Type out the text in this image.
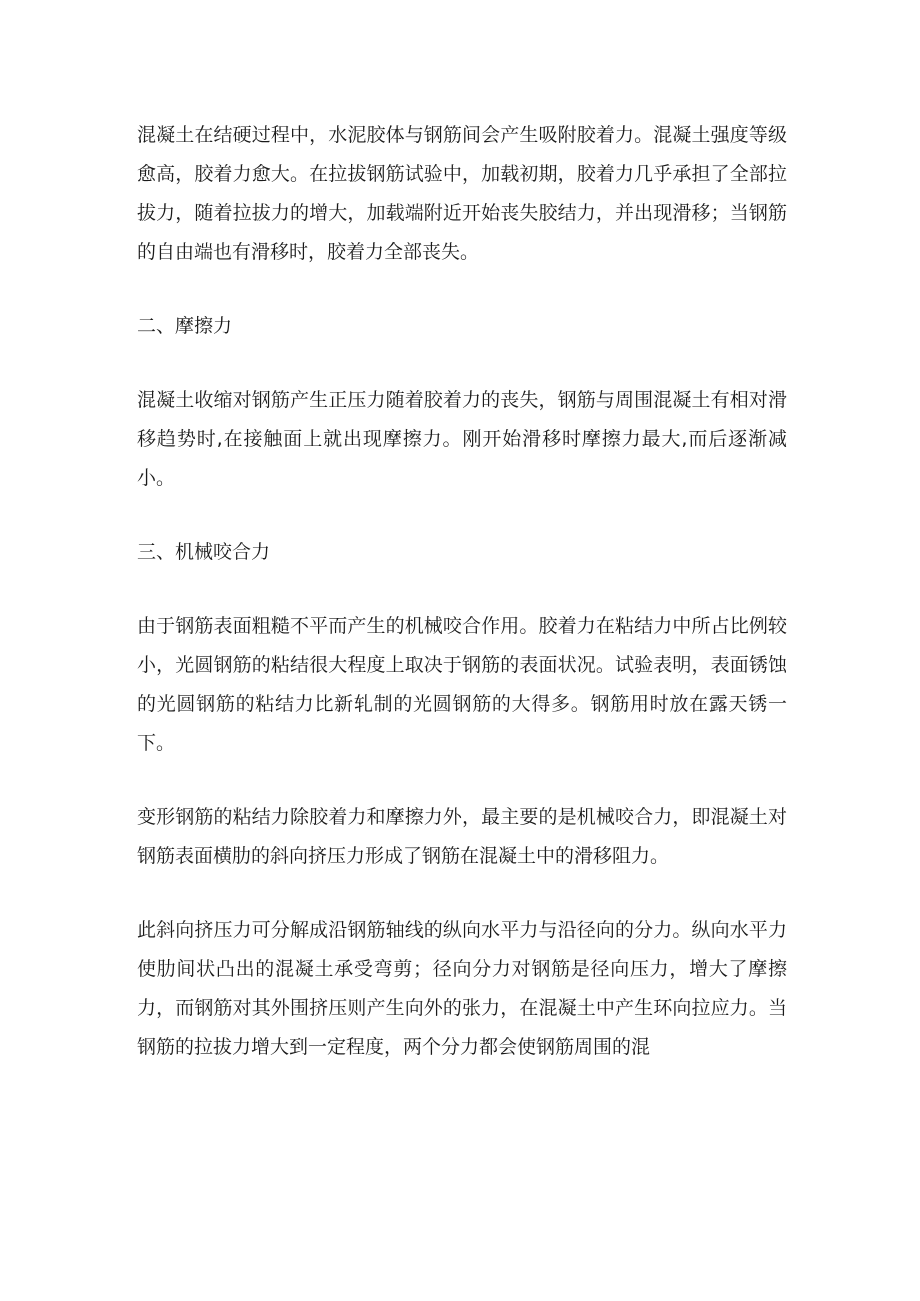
混凝土在结硬过程中，水泥胶体与钢筋间会产生吸附胶着力。混凝土强度等级愈高，胶着力愈大。在拉拔钢筋试验中，加载初期，胶着力几乎承担了全部拉拔力，随着拉拔力的增大，加载端附近开始丧失胶结力，并出现滑移；当钢筋的自由端也有滑移时，胶着力全部丧失。

二、摩擦力

混凝土收缩对钢筋产生正压力随着胶着力的丧失，钢筋与周围混凝土有相对滑移趋势时,在接触面上就出现摩擦力。刚开始滑移时摩擦力最大,而后逐渐减小。

三、机械咬合力

由于钢筋表面粗糙不平而产生的机械咬合作用。胶着力在粘结力中所占比例较小，光圆钢筋的粘结很大程度上取决于钢筋的表面状况。试验表明，表面锈蚀的光圆钢筋的粘结力比新轧制的光圆钢筋的大得多。钢筋用时放在露天锈一下。

变形钢筋的粘结力除胶着力和摩擦力外，最主要的是机械咬合力，即混凝土对钢筋表面横肋的斜向挤压力形成了钢筋在混凝土中的滑移阻力。

此斜向挤压力可分解成沿钢筋轴线的纵向水平力与沿径向的分力。纵向水平力使肋间状凸出的混凝土承受弯剪；径向分力对钢筋是径向压力，增大了摩擦力，而钢筋对其外围挤压则产生向外的张力，在混凝土中产生环向拉应力。当钢筋的拉拔力增大到一定程度，两个分力都会使钢筋周围的混
